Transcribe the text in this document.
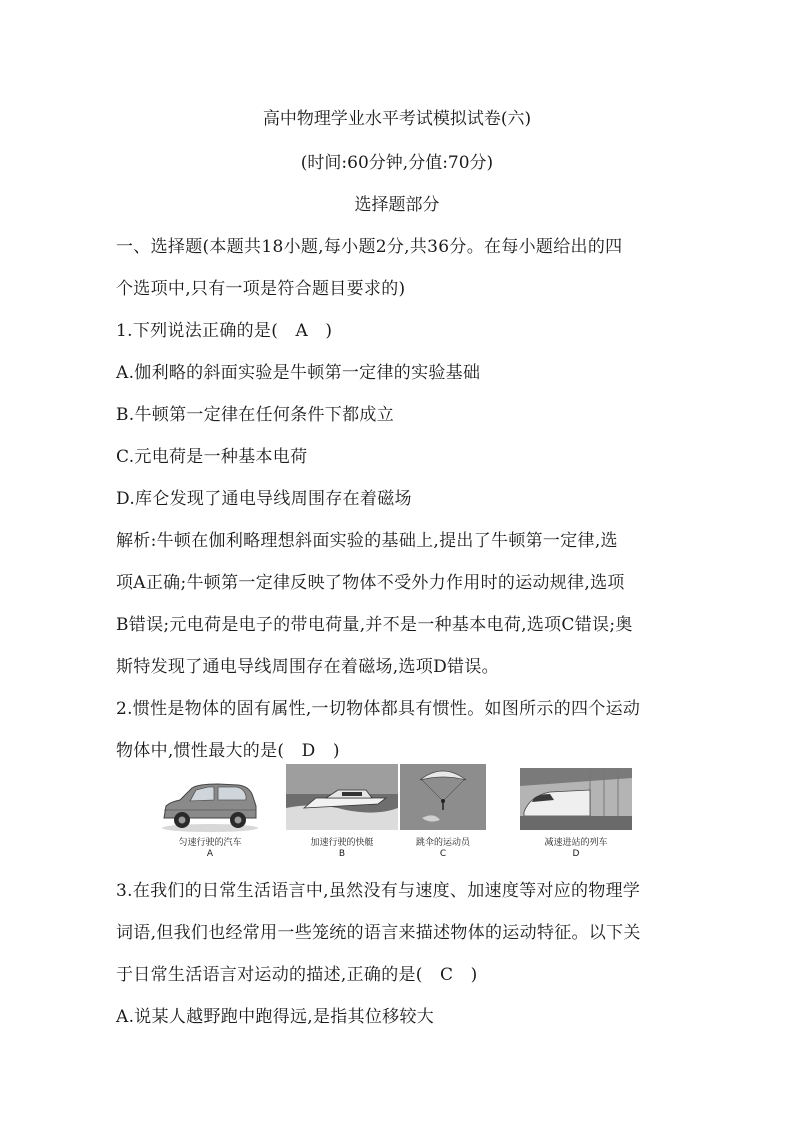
高中物理学业水平考试模拟试卷(六)
(时间:60分钟,分值:70分)
选择题部分
一、选择题(本题共18小题,每小题2分,共36分。在每小题给出的四
个选项中,只有一项是符合题目要求的)
1.下列说法正确的是(　A　)
A.伽利略的斜面实验是牛顿第一定律的实验基础
B.牛顿第一定律在任何条件下都成立
C.元电荷是一种基本电荷
D.库仑发现了通电导线周围存在着磁场
解析:牛顿在伽利略理想斜面实验的基础上,提出了牛顿第一定律,选
项A正确;牛顿第一定律反映了物体不受外力作用时的运动规律,选项
B错误;元电荷是电子的带电荷量,并不是一种基本电荷,选项C错误;奥
斯特发现了通电导线周围存在着磁场,选项D错误。
2.惯性是物体的固有属性,一切物体都具有惯性。如图所示的四个运动
物体中,惯性最大的是(　D　)
匀速行驶的汽车
A
加速行驶的快艇
B
跳伞的运动员
C
减速进站的列车
D
3.在我们的日常生活语言中,虽然没有与速度、加速度等对应的物理学
词语,但我们也经常用一些笼统的语言来描述物体的运动特征。以下关
于日常生活语言对运动的描述,正确的是(　C　)
A.说某人越野跑中跑得远,是指其位移较大
